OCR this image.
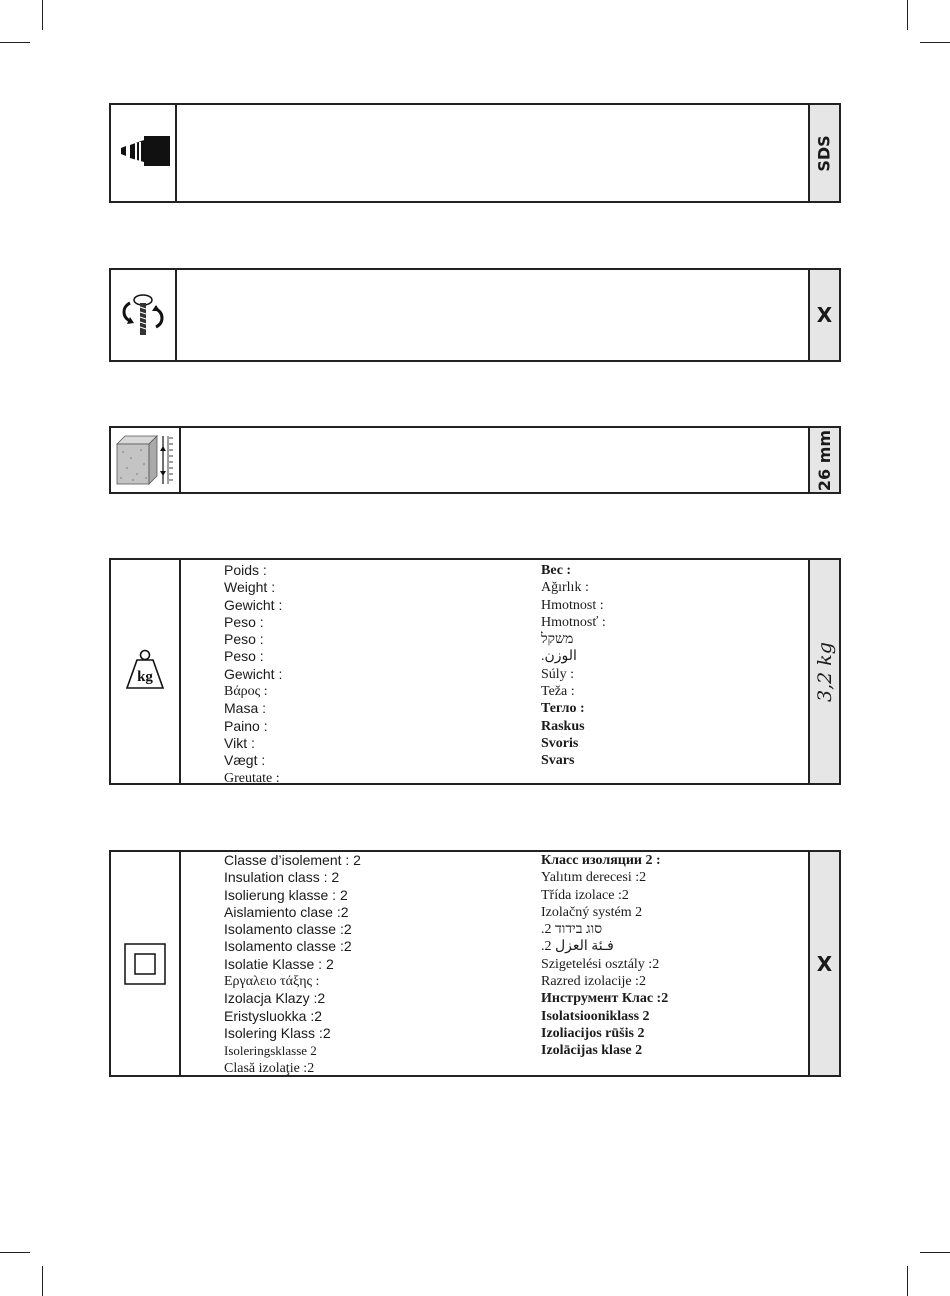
SDS
X
26 mm
kg
Poids :
Weight :
Gewicht :
Peso :
Peso :
Peso :
Gewicht :
Βάρος :
Masa :
Paino :
Vikt :
Vægt :
Greutate :
Вес :
Ağırlık :
Hmotnost :
Hmotnosť :
משקל
الوزن.
Súly :
Teža :
Тегло :
Raskus
Svoris
Svars
3,2 kg
Classe d’isolement : 2
Insulation class : 2
Isolierung klasse : 2
Aislamiento clase :2
Isolamento classe :2
Isolamento classe :2
Isolatie Klasse : 2
Εργαλειο τάξης :
Izolacja Klazy :2
Eristysluokka :2
Isolering Klass :2
Isoleringsklasse 2
Clasă izolaţie :2
Класс изоляции 2 :
Yalıtım derecesi :2
Třída izolace :2
Izolačný systém 2
סוג בידוד 2.
فـئة العزل 2.
Szigetelési osztály :2
Razred izolacije :2
Инструмент Клас :2
Isolatsiooniklass 2
Izoliacijos rūšis 2
Izolācijas klase 2
X
